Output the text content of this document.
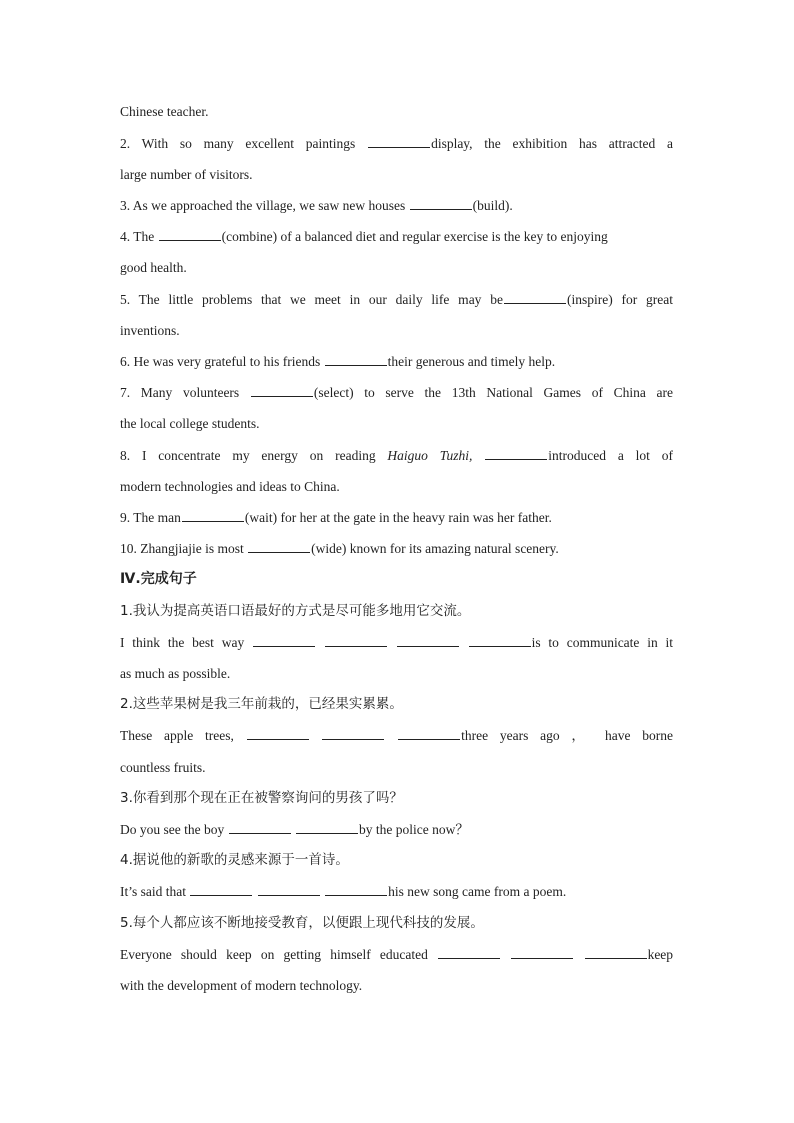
Chinese teacher.
2. With so many excellent paintings	display, the exhibition has attracted a
large number of visitors.
3. As we approached the village, we saw new houses	(build).
4. The	(combine) of a balanced diet and regular exercise is the key to enjoying
good health.
5. The little problems that we meet in our daily life may be	(inspire) for great
inventions.
6. He was very grateful to his friends	their generous and timely help.
7. Many volunteers	(select) to serve the 13th National Games of China are
the local college students.
8. I concentrate my energy on reading Haiguo Tuzhi,	introduced a lot of
modern technologies and ideas to China.
9. The man	(wait) for her at the gate in the heavy rain was her father.
10. Zhangjiajie is most	(wide) known for its amazing natural scenery.
Ⅳ.完成句子
1.我认为提高英语口语最好的方式是尽可能多地用它交流。
I think the best way	is to communicate in it
as much as possible.
2.这些苹果树是我三年前栽的，已经果实累累。
These apple trees,	three years ago ， have borne
countless fruits.
3.你看到那个现在正在被警察询问的男孩了吗？
Do you see the boy	by the police now？
4.据说他的新歌的灵感来源于一首诗。
It’s said that	his new song came from a poem.
5.每个人都应该不断地接受教育，以便跟上现代科技的发展。
Everyone should keep on getting himself educated	keep
with the development of modern technology.
